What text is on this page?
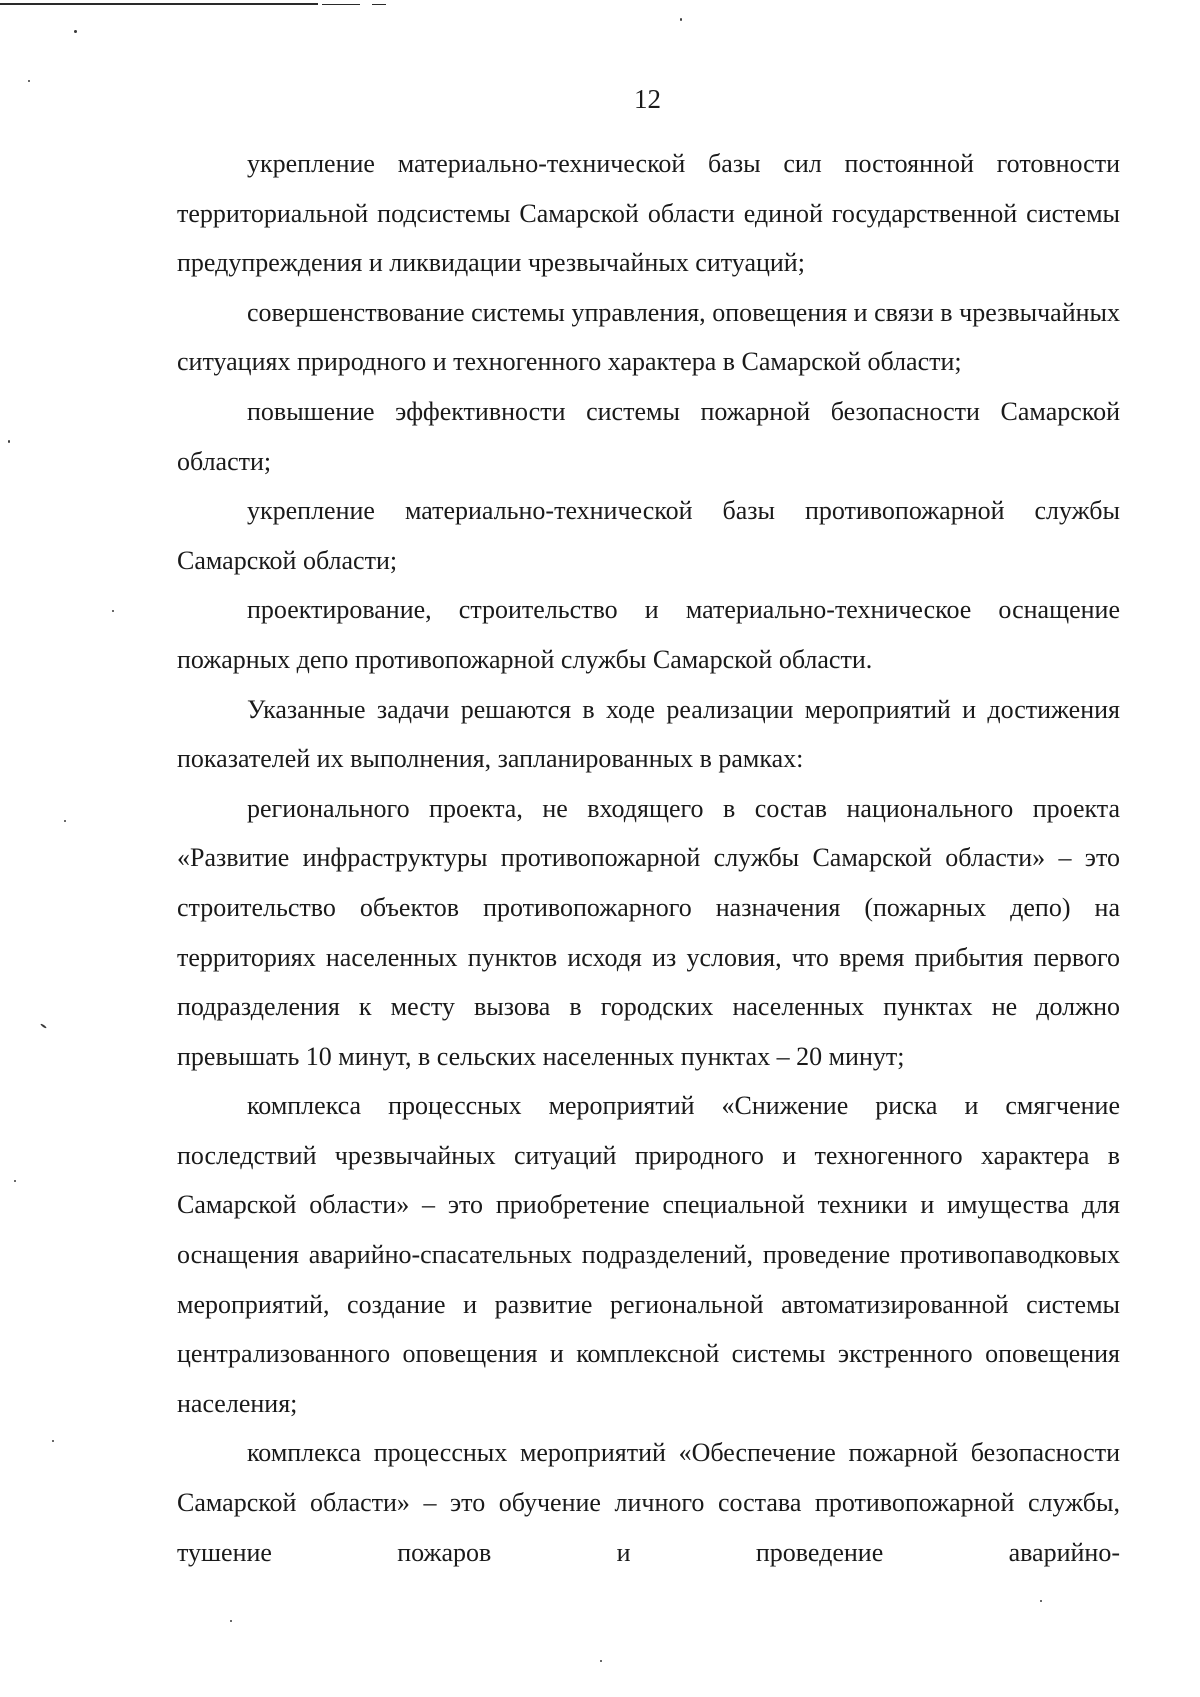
12

укрепление материально-технической базы сил постоянной готовности территориальной подсистемы Самарской области единой государственной системы предупреждения и ликвидации чрезвычайных ситуаций;

совершенствование системы управления, оповещения и связи в чрезвычайных ситуациях природного и техногенного характера в Самарской области;

повышение эффективности системы пожарной безопасности Самарской области;

укрепление материально-технической базы противопожарной службы Самарской области;

проектирование, строительство и материально-техническое оснащение пожарных депо противопожарной службы Самарской области.

Указанные задачи решаются в ходе реализации мероприятий и достижения показателей их выполнения, запланированных в рамках:

регионального проекта, не входящего в состав национального проекта «Развитие инфраструктуры противопожарной службы Самарской области» – это строительство объектов противопожарного назначения (пожарных депо) на территориях населенных пунктов исходя из условия, что время прибытия первого подразделения к месту вызова в городских населенных пунктах не должно превышать 10 минут, в сельских населенных пунктах – 20 минут;

комплекса процессных мероприятий «Снижение риска и смягчение последствий чрезвычайных ситуаций природного и техногенного характера в Самарской области» – это приобретение специальной техники и имущества для оснащения аварийно-спасательных подразделений, проведение противопаводковых мероприятий, создание и развитие региональной автоматизированной системы централизованного оповещения и комплексной системы экстренного оповещения населения;

комплекса процессных мероприятий «Обеспечение пожарной безопасности Самарской области» – это обучение личного состава противопожарной службы, тушение пожаров и проведение аварийно-
